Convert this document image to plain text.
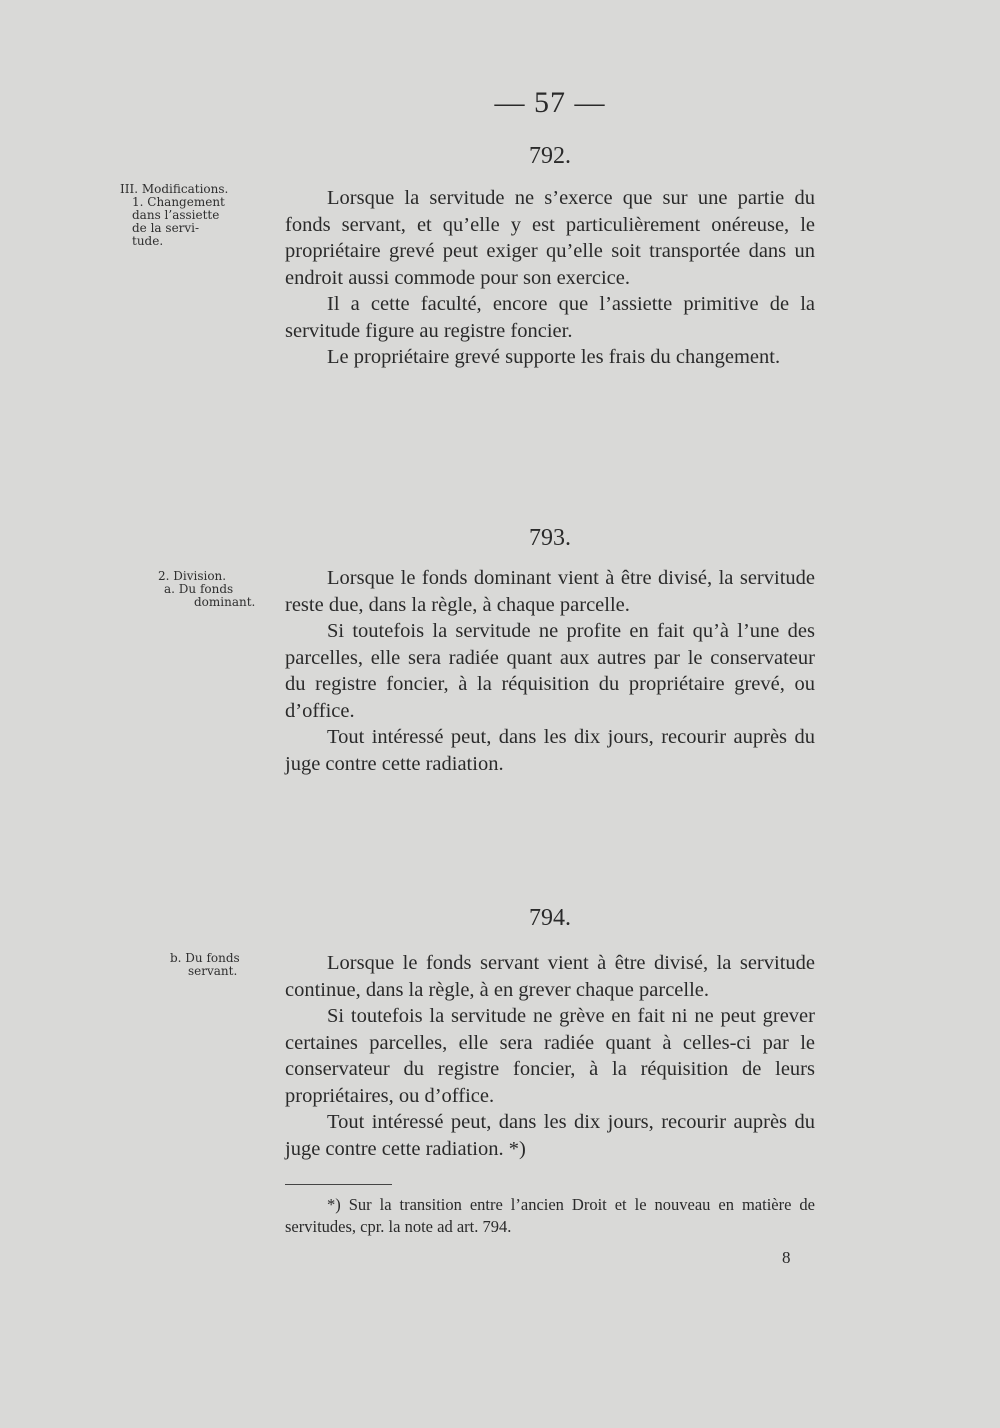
— 57 —
792.
III. Modifications.
1. Changement
dans l’assiette
de la servi-
tude.

Lorsque la servitude ne s’exerce que sur une partie du fonds servant, et qu’elle y est particulièrement onéreuse, le propriétaire grevé peut exiger qu’elle soit transportée dans un endroit aussi commode pour son exercice.

Il a cette faculté, encore que l’assiette primitive de la servitude figure au registre foncier.

Le propriétaire grevé supporte les frais du changement.

793.
2. Division.
a. Du fonds
dominant.

Lorsque le fonds dominant vient à être divisé, la servitude reste due, dans la règle, à chaque parcelle.

Si toutefois la servitude ne profite en fait qu’à l’une des parcelles, elle sera radiée quant aux autres par le conservateur du registre foncier, à la réquisition du propriétaire grevé, ou d’office.

Tout intéressé peut, dans les dix jours, recourir auprès du juge contre cette radiation.

794.
b. Du fonds
servant.	Lorsque le fonds servant vient à être divisé, la servitude continue, dans la règle, à en grever chaque parcelle.

Si toutefois la servitude ne grève en fait ni ne peut grever certaines parcelles, elle sera radiée quant à celles-ci par le conservateur du registre foncier, à la réquisition de leurs propriétaires, ou d’office.

Tout intéressé peut, dans les dix jours, recourir auprès du juge contre cette radiation. *)

*) Sur la transition entre l’ancien Droit et le nouveau en matière de servitudes, cpr. la note ad art. 794.

8
